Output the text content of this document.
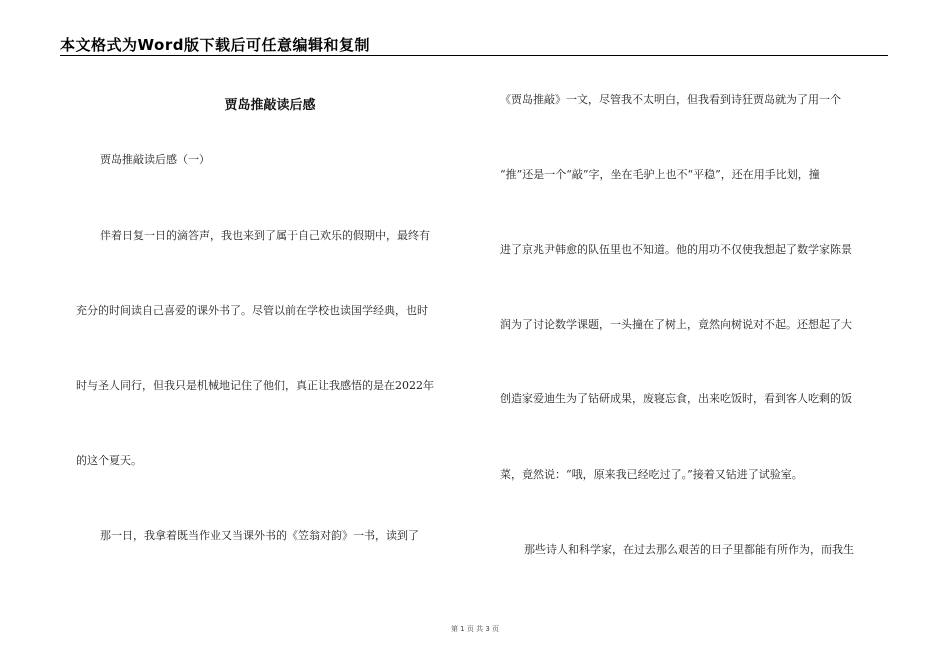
本文格式为Word版下载后可任意编辑和复制
贾岛推敲读后感
贾岛推敲读后感（一）
伴着日复一日的滴答声，我也来到了属于自己欢乐的假期中，最终有
充分的时间读自己喜爱的课外书了。尽管以前在学校也读国学经典，也时
时与圣人同行，但我只是机械地记住了他们，真正让我感悟的是在2022年
的这个夏天。
那一日，我拿着既当作业又当课外书的《笠翁对韵》一书，读到了
《贾岛推敲》一文，尽管我不太明白，但我看到诗狂贾岛就为了用一个
“推”还是一个“敲”字，坐在毛驴上也不“平稳”，还在用手比划，撞
进了京兆尹韩愈的队伍里也不知道。他的用功不仅使我想起了数学家陈景
润为了讨论数学课题，一头撞在了树上，竟然向树说对不起。还想起了大
创造家爱迪生为了钻研成果，废寝忘食，出来吃饭时，看到客人吃剩的饭
菜，竟然说：“哦，原来我已经吃过了。”接着又钻进了试验室。
那些诗人和科学家，在过去那么艰苦的日子里都能有所作为，而我生
第 1 页 共 3 页
